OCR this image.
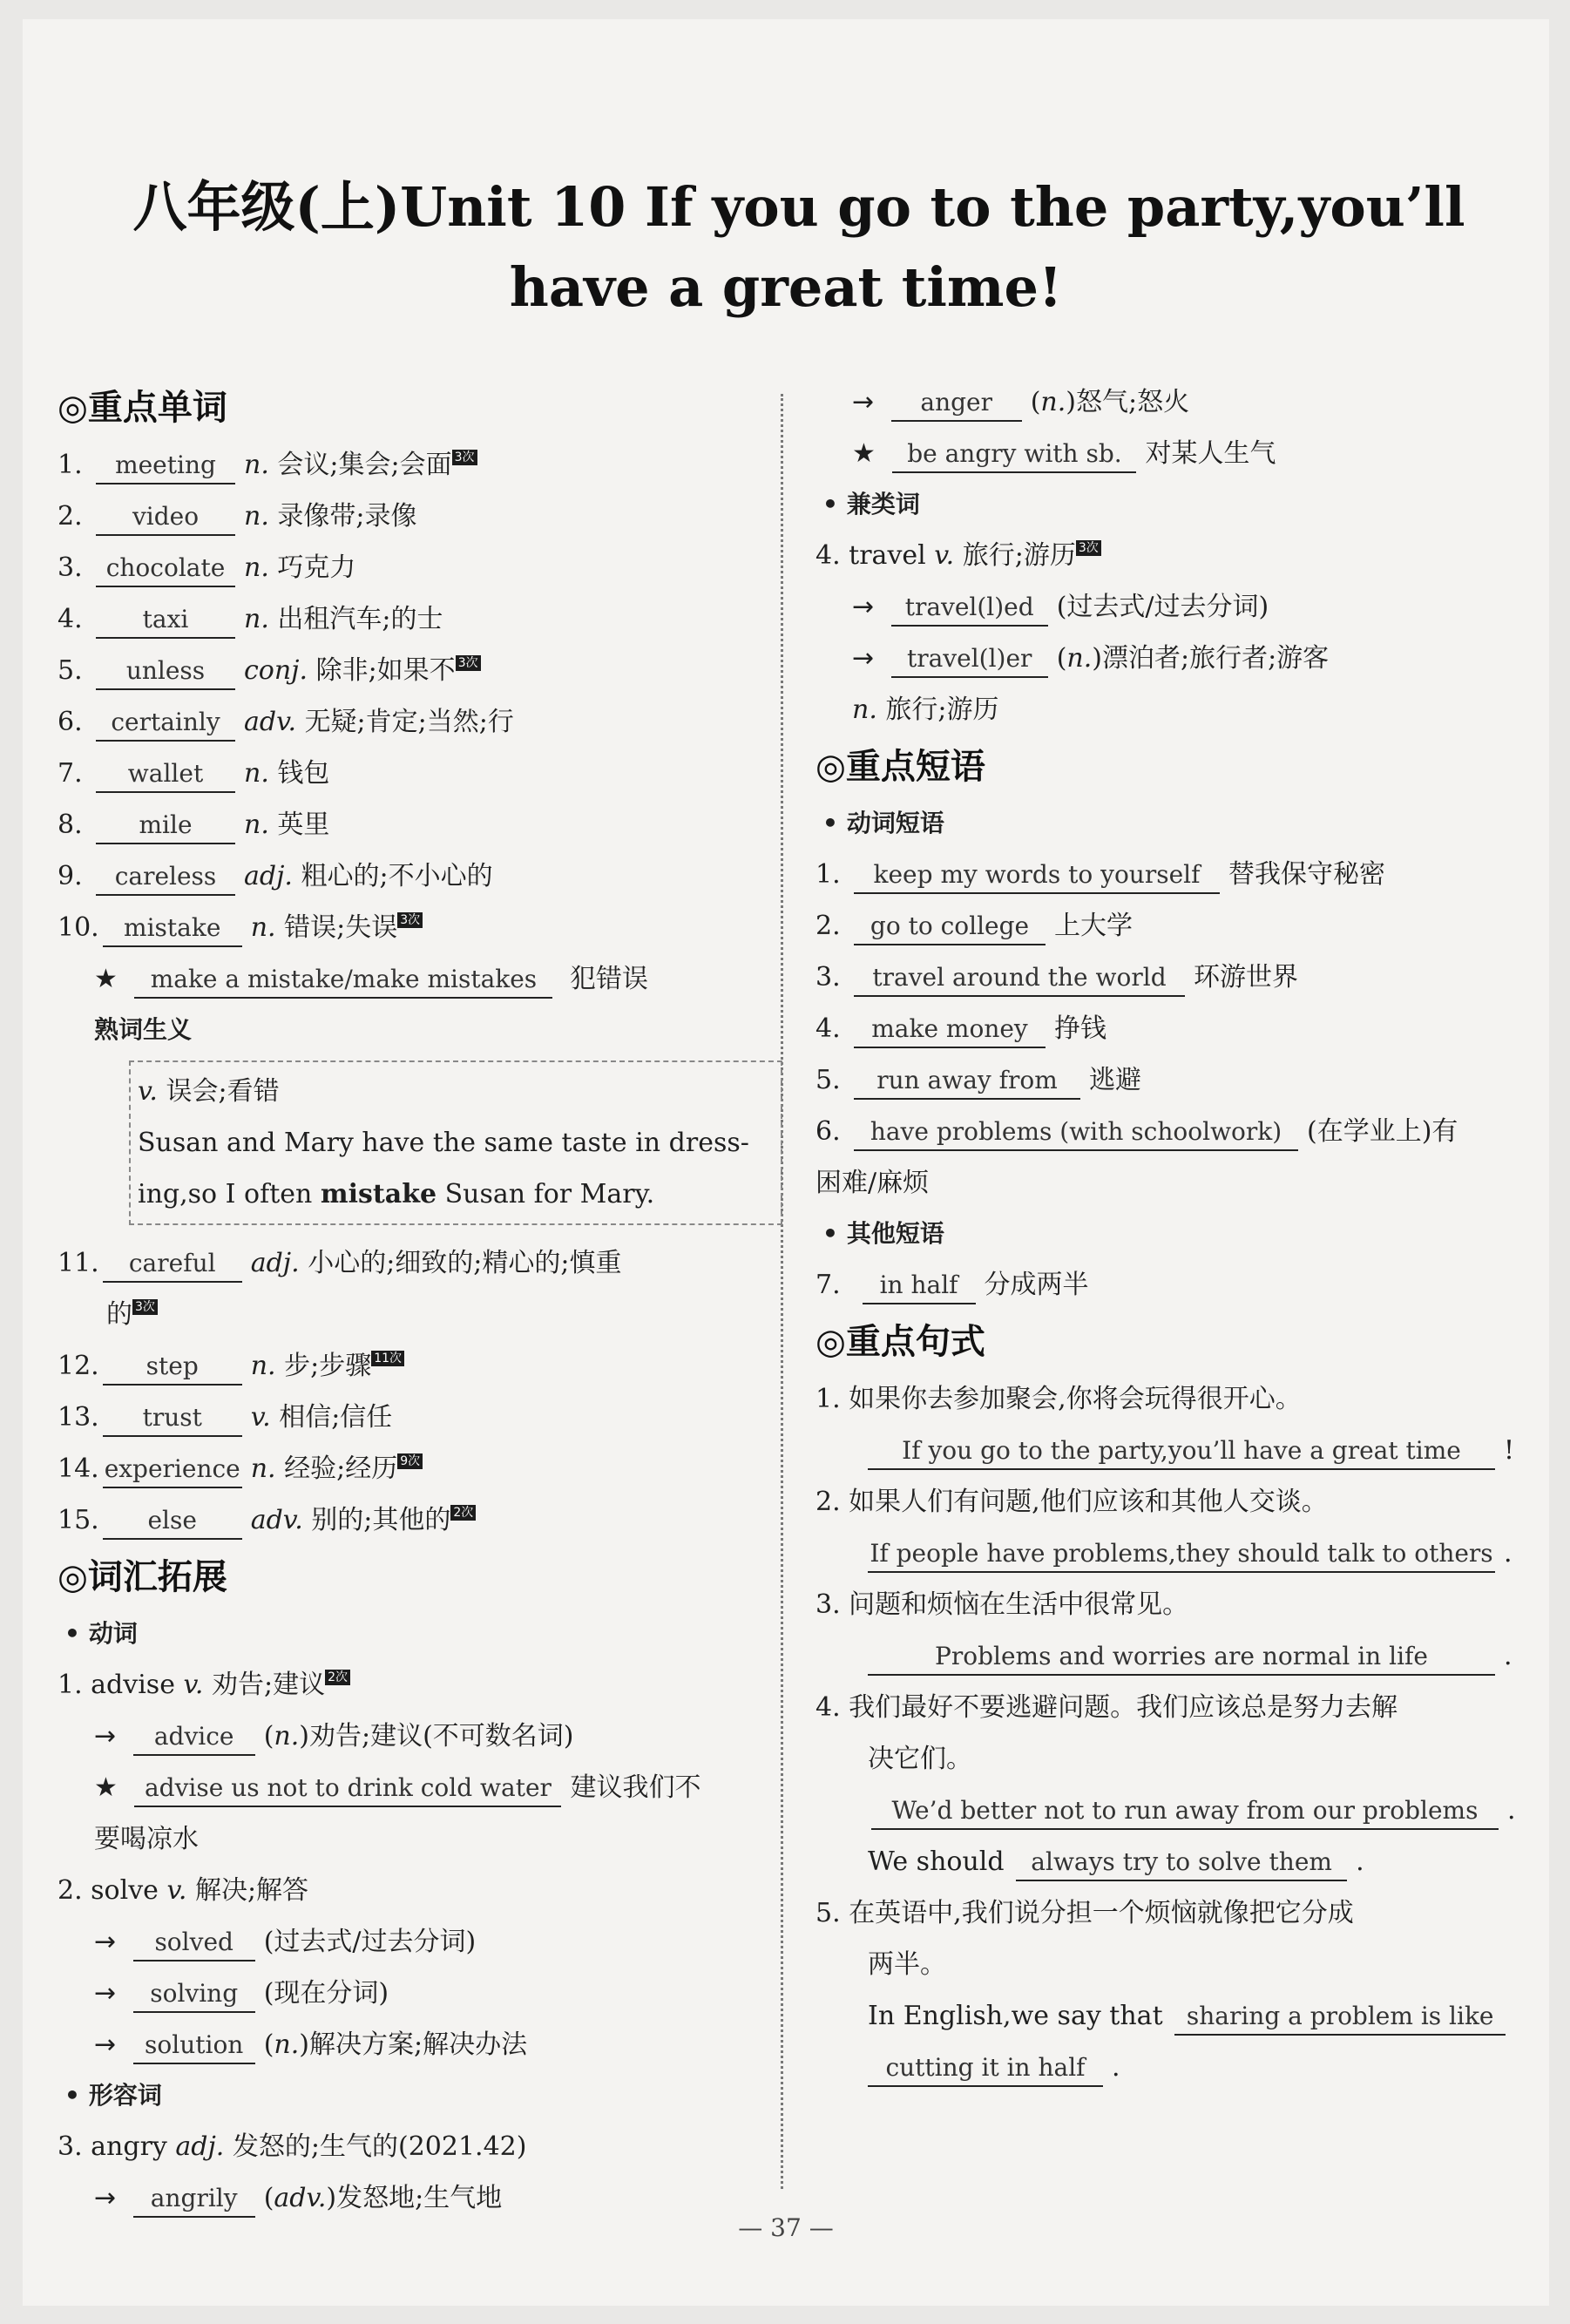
八年级(上)Unit 10 If you go to the party,you’ll
have a great time!
◎重点单词
1. meeting n. 会议;集会;会面 3次
2. video n. 录像带;录像
3. chocolate n. 巧克力
4. taxi n. 出租汽车;的士
5. unless conj. 除非;如果不 3次
6. certainly adv. 无疑;肯定;当然;行
7. wallet n. 钱包
8. mile n. 英里
9. careless adj. 粗心的;不小心的
10. mistake n. 错误;失误 3次
★ make a mistake/make mistakes 犯错误
熟词生义
v. 误会;看错
Susan and Mary have the same taste in dress-
ing,so I often mistake Susan for Mary.
11. careful adj. 小心的;细致的;精心的;慎重
的 3次
12. step n. 步;步骤 11次
13. trust v. 相信;信任
14. experience n. 经验;经历 9次
15. else adv. 别的;其他的 2次
◎词汇拓展
• 动词
1. advise v. 劝告;建议 2次
→ advice (n.)劝告;建议(不可数名词)
★ advise us not to drink cold water 建议我们不
要喝凉水
2. solve v. 解决;解答
→ solved (过去式/过去分词)
→ solving (现在分词)
→ solution (n.)解决方案;解决办法
• 形容词
3. angry adj. 发怒的;生气的(2021.42)
→ angrily (adv.)发怒地;生气地
→ anger (n.)怒气;怒火
★ be angry with sb. 对某人生气
• 兼类词
4. travel v. 旅行;游历 3次
→ travel(l)ed (过去式/过去分词)
→ travel(l)er (n.)漂泊者;旅行者;游客
n. 旅行;游历
◎重点短语
• 动词短语
1. keep my words to yourself 替我保守秘密
2. go to college 上大学
3. travel around the world 环游世界
4. make money 挣钱
5. run away from 逃避
6. have problems (with schoolwork) (在学业上)有
困难/麻烦
• 其他短语
7. in half 分成两半
◎重点句式
1. 如果你去参加聚会,你将会玩得很开心。
If you go to the party,you’ll have a great time !
2. 如果人们有问题,他们应该和其他人交谈。
If people have problems,they should talk to others .
3. 问题和烦恼在生活中很常见。
Problems and worries are normal in life	.
4. 我们最好不要逃避问题。我们应该总是努力去解
决它们。
We’d better not to run away from our problems .
We should always try to solve them .
5. 在英语中,我们说分担一个烦恼就像把它分成
两半。
In English,we say that sharing a problem is like
cutting it in half .
— 37 —
